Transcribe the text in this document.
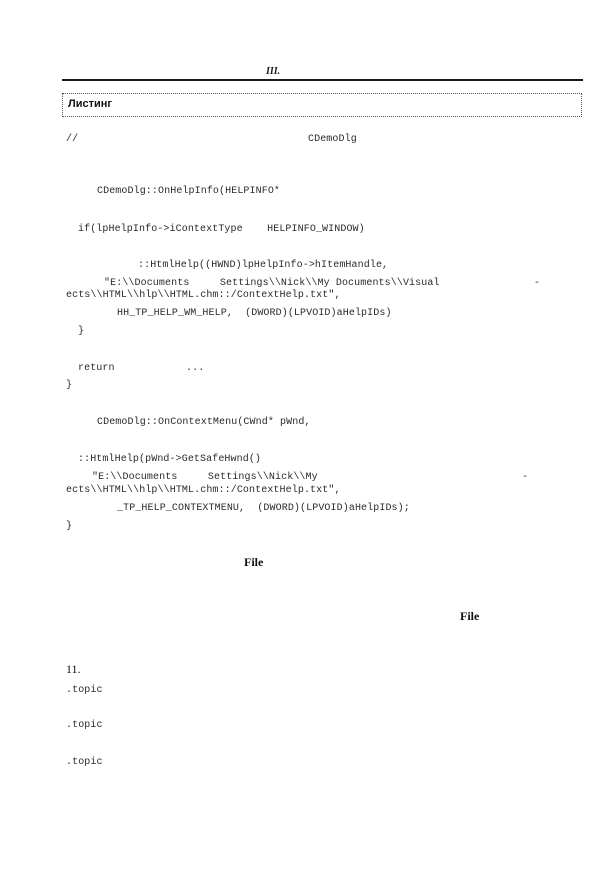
III.
Листинг
//	CDemoDlg
CDemoDlg::OnHelpInfo(HELPINFO*
if(lpHelpInfo->iContextType    HELPINFO_WINDOW)
::HtmlHelp((HWND)lpHelpInfo->hItemHandle,
"E:\\Documents     Settings\\Nick\\My Documents\\Visual	-
ects\\HTML\\hlp\\HTML.chm::/ContextHelp.txt",
HH_TP_HELP_WM_HELP,  (DWORD)(LPVOID)aHelpIDs)
}
return	...
}
CDemoDlg::OnContextMenu(CWnd* pWnd,
::HtmlHelp(pWnd->GetSafeHwnd()
"E:\\Documents     Settings\\Nick\\My	-
ects\\HTML\\hlp\\HTML.chm::/ContextHelp.txt",
_TP_HELP_CONTEXTMENU,  (DWORD)(LPVOID)aHelpIDs);
}
File
File
11.
.topic
.topic
.topic
